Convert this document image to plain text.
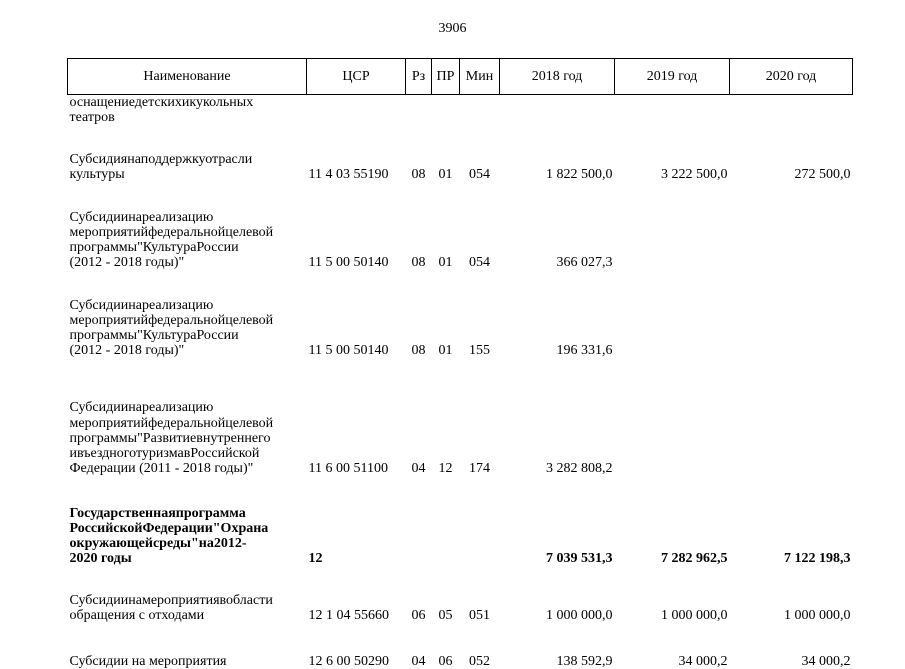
3906
Наименование	ЦСР	Рз	ПР	Мин	2018 год	2019 год	2020 год

оснащениедетскихикукольных
театров							

Субсидиянаподдержкуотрасли
культуры	11 4 03 55190	08	01	054	1 822 500,0	3 222 500,0	272 500,0

Субсидиинареализацию
мероприятийфедеральнойцелевой
программы"КультураРоссии
(2012 - 2018 годы)"	11 5 00 50140	08	01	054	366 027,3		

Субсидиинареализацию
мероприятийфедеральнойцелевой
программы"КультураРоссии
(2012 - 2018 годы)"	11 5 00 50140	08	01	155	196 331,6		

Субсидиинареализацию
мероприятийфедеральнойцелевой
программы"Развитиевнутреннего
ивъездноготуризмавРоссийской
Федерации (2011 - 2018 годы)"	11 6 00 51100	04	12	174	3 282 808,2		

Государственнаяпрограмма
РоссийскойФедерации"Охрана
окружающейсреды"на2012-
2020 годы	12				7 039 531,3	7 282 962,5	7 122 198,3

Субсидиинамероприятиявобласти
обращения с отходами	12 1 04 55660	06	05	051	1 000 000,0	1 000 000,0	1 000 000,0

Субсидии на мероприятия	12 6 00 50290	04	06	052	138 592,9	34 000,2	34 000,2
